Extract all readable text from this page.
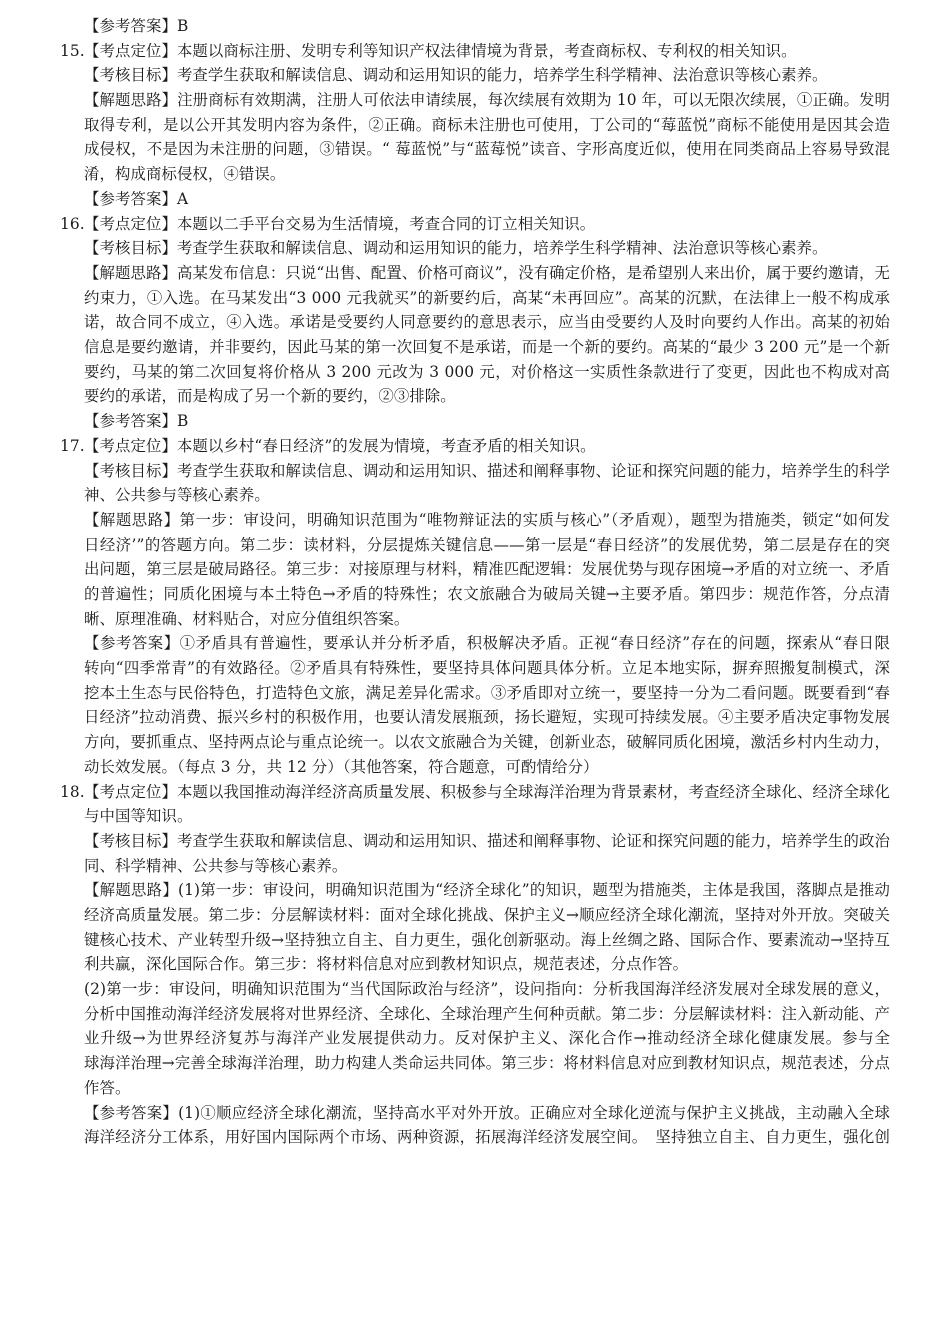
【参考答案】B
15.【考点定位】本题以商标注册、发明专利等知识产权法律情境为背景，考查商标权、专利权的相关知识。
【考核目标】考查学生获取和解读信息、调动和运用知识的能力，培养学生科学精神、法治意识等核心素养。
【解题思路】注册商标有效期满，注册人可依法申请续展，每次续展有效期为 10 年，可以无限次续展，①正确。发明
取得专利，是以公开其发明内容为条件，②正确。商标未注册也可使用，丁公司的“莓蓝悦”商标不能使用是因其会造
成侵权，不是因为未注册的问题，③错误。“ 莓蓝悦”与“蓝莓悦”读音、字形高度近似，使用在同类商品上容易导致混
淆，构成商标侵权，④错误。
【参考答案】A
16.【考点定位】本题以二手平台交易为生活情境，考查合同的订立相关知识。
【考核目标】考查学生获取和解读信息、调动和运用知识的能力，培养学生科学精神、法治意识等核心素养。
【解题思路】高某发布信息：只说“出售、配置、价格可商议”，没有确定价格，是希望别人来出价，属于要约邀请，无
约束力，①入选。在马某发出“3 000 元我就买”的新要约后，高某“未再回应”。高某的沉默，在法律上一般不构成承
诺，故合同不成立，④入选。承诺是受要约人同意要约的意思表示，应当由受要约人及时向要约人作出。高某的初始
信息是要约邀请，并非要约，因此马某的第一次回复不是承诺，而是一个新的要约。高某的“最少 3 200 元”是一个新
要约，马某的第二次回复将价格从 3 200 元改为 3 000 元，对价格这一实质性条款进行了变更，因此也不构成对高
要约的承诺，而是构成了另一个新的要约，②③排除。
【参考答案】B
17.【考点定位】本题以乡村“春日经济”的发展为情境，考查矛盾的相关知识。
【考核目标】考查学生获取和解读信息、调动和运用知识、描述和阐释事物、论证和探究问题的能力，培养学生的科学
神、公共参与等核心素养。
【解题思路】第一步：审设问，明确知识范围为“唯物辩证法的实质与核心”（矛盾观），题型为措施类，锁定“如何发
日经济’”的答题方向。第二步：读材料，分层提炼关键信息——第一层是“春日经济”的发展优势，第二层是存在的突
出问题，第三层是破局路径。第三步：对接原理与材料，精准匹配逻辑：发展优势与现存困境→矛盾的对立统一、矛盾
的普遍性；同质化困境与本土特色→矛盾的特殊性；农文旅融合为破局关键→主要矛盾。第四步：规范作答，分点清
晰、原理准确、材料贴合，对应分值组织答案。
【参考答案】①矛盾具有普遍性，要承认并分析矛盾，积极解决矛盾。正视“春日经济”存在的问题，探索从“春日限
转向“四季常青”的有效路径。②矛盾具有特殊性，要坚持具体问题具体分析。立足本地实际，摒弃照搬复制模式，深
挖本土生态与民俗特色，打造特色文旅，满足差异化需求。③矛盾即对立统一，要坚持一分为二看问题。既要看到“春
日经济”拉动消费、振兴乡村的积极作用，也要认清发展瓶颈，扬长避短，实现可持续发展。④主要矛盾决定事物发展
方向，要抓重点、坚持两点论与重点论统一。以农文旅融合为关键，创新业态，破解同质化困境，激活乡村内生动力，
动长效发展。（每点 3 分，共 12 分）（其他答案，符合题意，可酌情给分）
18.【考点定位】本题以我国推动海洋经济高质量发展、积极参与全球海洋治理为背景素材，考查经济全球化、经济全球化
与中国等知识。
【考核目标】考查学生获取和解读信息、调动和运用知识、描述和阐释事物、论证和探究问题的能力，培养学生的政治
同、科学精神、公共参与等核心素养。
【解题思路】(1)第一步：审设问，明确知识范围为“经济全球化”的知识，题型为措施类，主体是我国，落脚点是推动
经济高质量发展。第二步：分层解读材料：面对全球化挑战、保护主义→顺应经济全球化潮流，坚持对外开放。突破关
键核心技术、产业转型升级→坚持独立自主、自力更生，强化创新驱动。海上丝绸之路、国际合作、要素流动→坚持互
利共赢，深化国际合作。第三步：将材料信息对应到教材知识点，规范表述，分点作答。
(2)第一步：审设问，明确知识范围为“当代国际政治与经济”，设问指向：分析我国海洋经济发展对全球发展的意义，
分析中国推动海洋经济发展将对世界经济、全球化、全球治理产生何种贡献。第二步：分层解读材料：注入新动能、产
业升级→为世界经济复苏与海洋产业发展提供动力。反对保护主义、深化合作→推动经济全球化健康发展。参与全
球海洋治理→完善全球海洋治理，助力构建人类命运共同体。第三步：将材料信息对应到教材知识点，规范表述，分点
作答。
【参考答案】(1)①顺应经济全球化潮流，坚持高水平对外开放。正确应对全球化逆流与保护主义挑战，主动融入全球
海洋经济分工体系，用好国内国际两个市场、两种资源，拓展海洋经济发展空间。　坚持独立自主、自力更生，强化创
